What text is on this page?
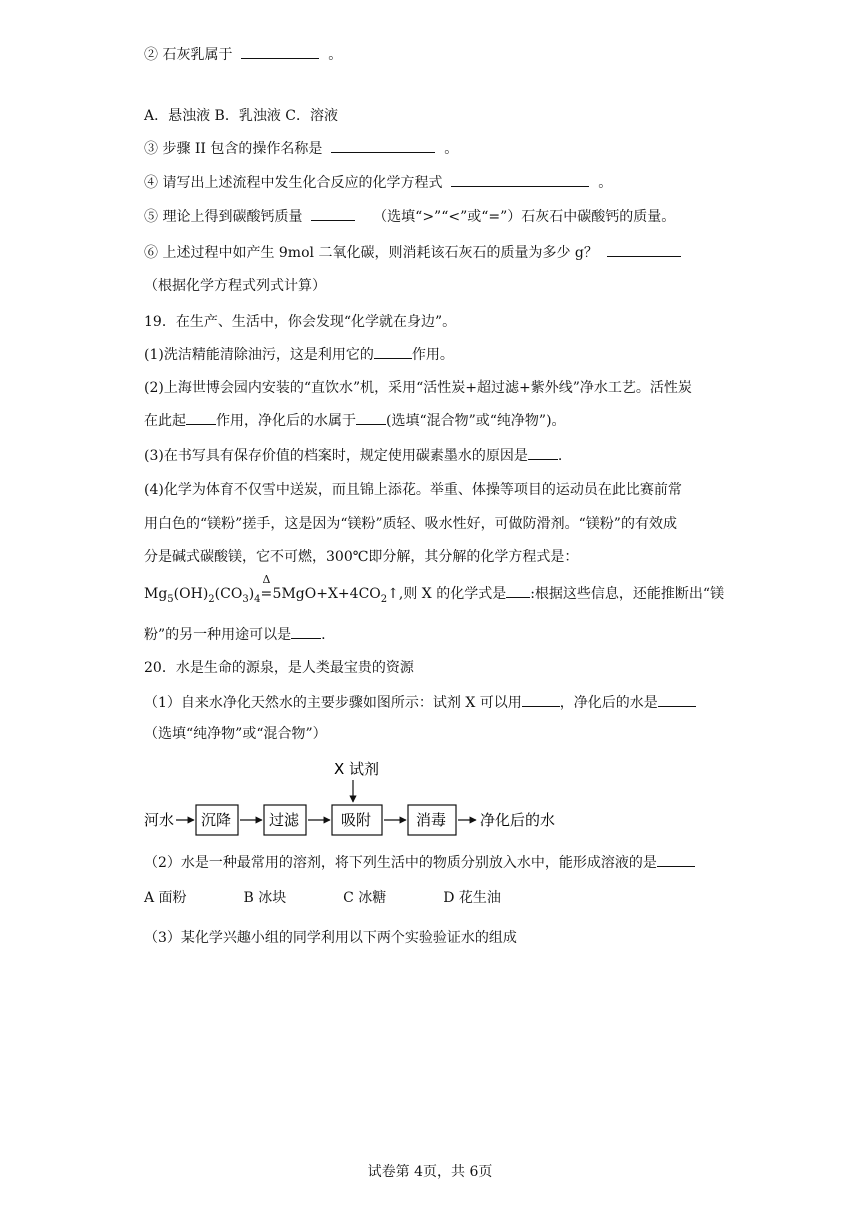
② 石灰乳属于	。
A．悬浊液 B．乳浊液 C．溶液
③ 步骤 II 包含的操作名称是	。
④ 请写出上述流程中发生化合反应的化学方程式	。
⑤ 理论上得到碳酸钙质量	（选填“>”“<”或“=”）石灰石中碳酸钙的质量。
⑥ 上述过程中如产生 9mol 二氧化碳，则消耗该石灰石的质量为多少 g？
（根据化学方程式列式计算）
19．在生产、生活中，你会发现“化学就在身边”。
(1)洗洁精能清除油污，这是利用它的	作用。
(2)上海世博会园内安装的“直饮水”机，采用“活性炭+超过滤+紫外线”净水工艺。活性炭
在此起 作用，净化后的水属于 (选填“混合物”或“纯净物”)。
(3)在书写具有保存价值的档案时，规定使用碳素墨水的原因是 .
(4)化学为体育不仅雪中送炭，而且锦上添花。举重、体操等项目的运动员在此比赛前常
用白色的“镁粉”搓手，这是因为“镁粉”质轻、吸水性好，可做防滑剂。“镁粉”的有效成
分是碱式碳酸镁，它不可燃，300℃即分解，其分解的化学方程式是：
$Mg_5(OH)_2(CO_3)_4$
Δ
$=5MgO+X+4CO_2↑$,则 X 的化学式是 :根据这些信息，还能推断出“镁
粉”的另一种用途可以是 .
20．水是生命的源泉，是人类最宝贵的资源
（1）自来水净化天然水的主要步骤如图所示：试剂 X 可以用	，净化后的水是
（选填“纯净物”或“混合物”）
X 试剂
河水 沉降	过滤	吸附	消毒 净化后的水
（2）水是一种最常用的溶剂，将下列生活中的物质分别放入水中，能形成溶液的是
A 面粉	B 冰块	C 冰糖	D 花生油
（3）某化学兴趣小组的同学利用以下两个实验验证水的组成
试卷第 4页，共 6页
